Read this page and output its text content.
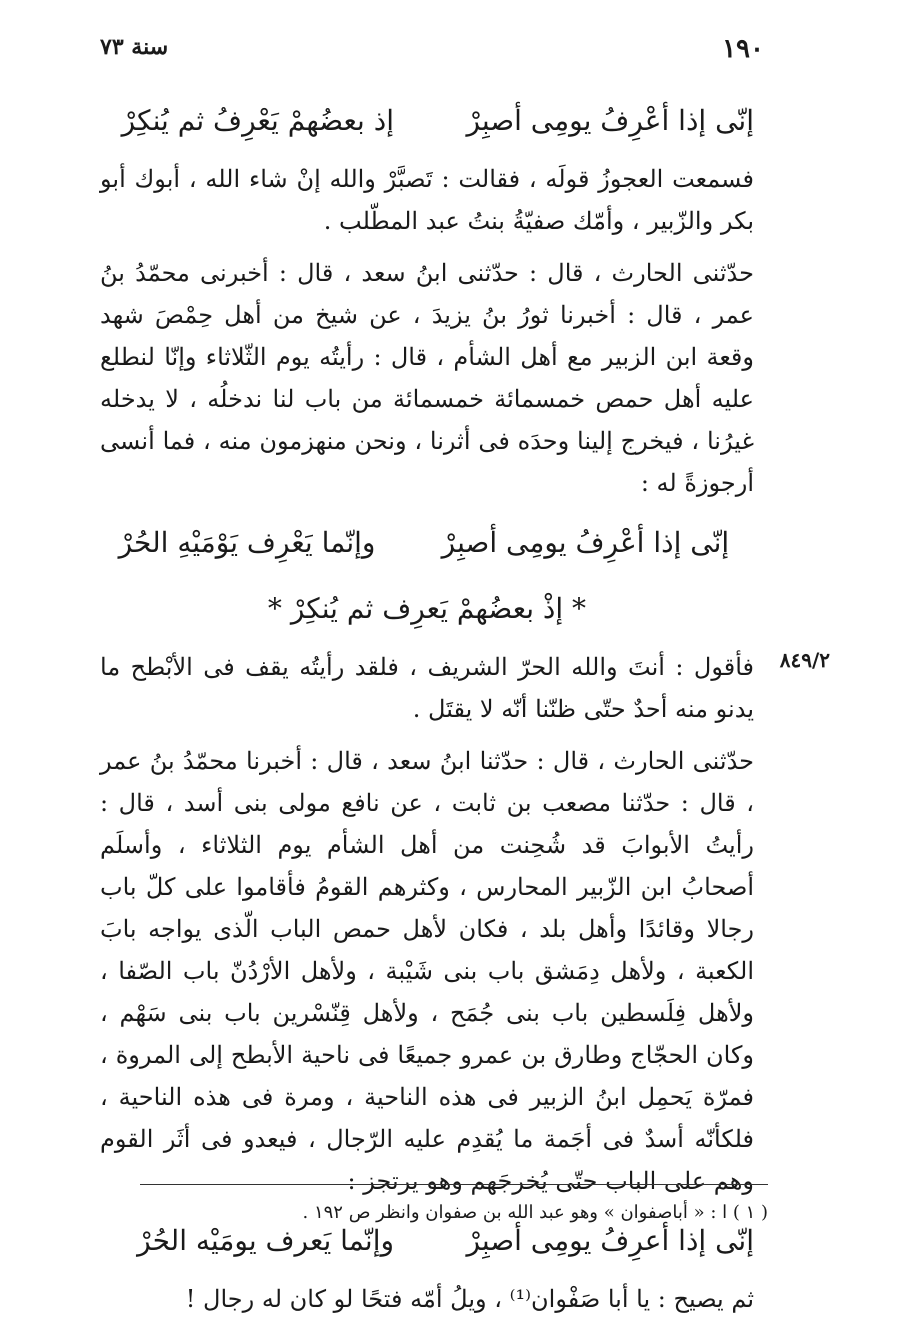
١٩٠
سنة ٧٣
٨٤٩/٢
إنّى إذا أعْرِفُ يومِى أصبِرْإذ بعضُهمْ يَعْرِفُ ثم يُنكِرْ

فسمعت العجوزُ قولَه ، فقالت : تَصبَّرْ والله إنْ شاء الله ، أبوك أبو بكر والزّبير ، وأمّك صفيّةُ بنتُ عبد المطّلب .

حدّثنى الحارث ، قال : حدّثنى ابنُ سعد ، قال : أخبرنى محمّدُ بنُ عمر ، قال : أخبرنا ثورُ بنُ يزيدَ ، عن شيخ من أهل حِمْصَ شهد وقعة ابن الزبير مع أهل الشأم ، قال : رأيتُه يوم الثّلاثاء وإنّا لنطلع عليه أهل حمص خمسمائة خمسمائة من باب لنا ندخلُه ، لا يدخله غيرُنا ، فيخرج إلينا وحدَه فى أثرنا ، ونحن منهزمون منه ، فما أنسى أرجوزةً له :

إنّى إذا أعْرِفُ يومِى أصبِرْوإنّما يَعْرِف يَوْمَيْهِ الحُرْ
* إذْ بعضُهمْ يَعرِف ثم يُنكِرْ *

فأقول : أنتَ والله الحرّ الشريف ، فلقد رأيتُه يقف فى الأبْطح ما يدنو منه أحدٌ حتّى ظنّنا أنّه لا يقتَل .

حدّثنى الحارث ، قال : حدّثنا ابنُ سعد ، قال : أخبرنا محمّدُ بنُ عمر ، قال : حدّثنا مصعب بن ثابت ، عن نافع مولى بنى أسد ، قال : رأيتُ الأبوابَ قد شُحِنت من أهل الشأم يوم الثلاثاء ، وأسلَم أصحابُ ابن الزّبير المحارس ، وكثرهم القومُ فأقاموا على كلّ باب رجالا وقائدًا وأهل بلد ، فكان لأهل حمص الباب الّذى يواجه بابَ الكعبة ، ولأهل دِمَشق باب بنى شَيْبة ، ولأهل الأرْدُنّ باب الصّفا ، ولأهل فِلَسطين باب بنى جُمَح ، ولأهل قِنّسْرين باب بنى سَهْم ، وكان الحجّاج وطارق بن عمرو جميعًا فى ناحية الأبطح إلى المروة ، فمرّة يَحمِل ابنُ الزبير فى هذه الناحية ، ومرة فى هذه الناحية ، فلكأنّه أسدٌ فى أجَمة ما يُقدِم عليه الرّجال ، فيعدو فى أثَر القوم وهم على الباب حتّى يُخرجَهم وهو يرتجز :

إنّى إذا أعرِفُ يومِى أصبِرْوإنّما يَعرف يومَيْه الحُرْ

ثم يصيح : يا أبا صَفْوان⁽¹⁾ ، ويلُ أمّه فتحًا لو كان له رجال !

( ١ ) ا : « أباصفوان » وهو عبد الله بن صفوان وانظر ص ١٩٢ .
